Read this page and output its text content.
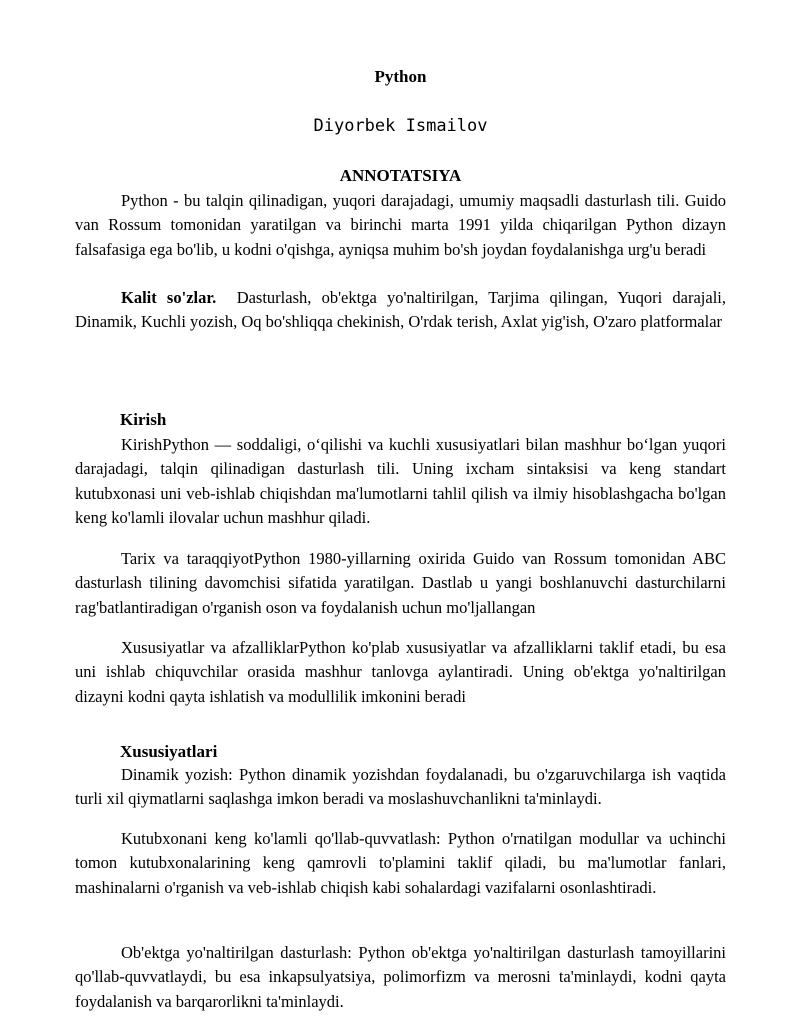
Python
Diyorbek Ismailov
ANNOTATSIYA

Python - bu talqin qilinadigan, yuqori darajadagi, umumiy maqsadli dasturlash tili. Guido van Rossum tomonidan yaratilgan va birinchi marta 1991 yilda chiqarilgan Python dizayn falsafasiga ega bo'lib, u kodni o'qishga, ayniqsa muhim bo'sh joydan foydalanishga urg'u beradi

Kalit so'zlar. Dasturlash, ob'ektga yo'naltirilgan, Tarjima qilingan, Yuqori darajali, Dinamik, Kuchli yozish, Oq bo'shliqqa chekinish, O'rdak terish, Axlat yig'ish, O'zaro platformalar

Kirish

KirishPython — soddaligi, o‘qilishi va kuchli xususiyatlari bilan mashhur bo‘lgan yuqori darajadagi, talqin qilinadigan dasturlash tili. Uning ixcham sintaksisi va keng standart kutubxonasi uni veb-ishlab chiqishdan ma'lumotlarni tahlil qilish va ilmiy hisoblashgacha bo'lgan keng ko'lamli ilovalar uchun mashhur qiladi.

Tarix va taraqqiyotPython 1980-yillarning oxirida Guido van Rossum tomonidan ABC dasturlash tilining davomchisi sifatida yaratilgan. Dastlab u yangi boshlanuvchi dasturchilarni rag'batlantiradigan o'rganish oson va foydalanish uchun mo'ljallangan

Xususiyatlar va afzalliklarPython ko'plab xususiyatlar va afzalliklarni taklif etadi, bu esa uni ishlab chiquvchilar orasida mashhur tanlovga aylantiradi. Uning ob'ektga yo'naltirilgan dizayni kodni qayta ishlatish va modullilik imkonini beradi

Xususiyatlari

Dinamik yozish: Python dinamik yozishdan foydalanadi, bu o'zgaruvchilarga ish vaqtida turli xil qiymatlarni saqlashga imkon beradi va moslashuvchanlikni ta'minlaydi.

Kutubxonani keng ko'lamli qo'llab-quvvatlash: Python o'rnatilgan modullar va uchinchi tomon kutubxonalarining keng qamrovli to'plamini taklif qiladi, bu ma'lumotlar fanlari, mashinalarni o'rganish va veb-ishlab chiqish kabi sohalardagi vazifalarni osonlashtiradi.

Ob'ektga yo'naltirilgan dasturlash: Python ob'ektga yo'naltirilgan dasturlash tamoyillarini qo'llab-quvvatlaydi, bu esa inkapsulyatsiya, polimorfizm va merosni ta'minlaydi, kodni qayta foydalanish va barqarorlikni ta'minlaydi.
